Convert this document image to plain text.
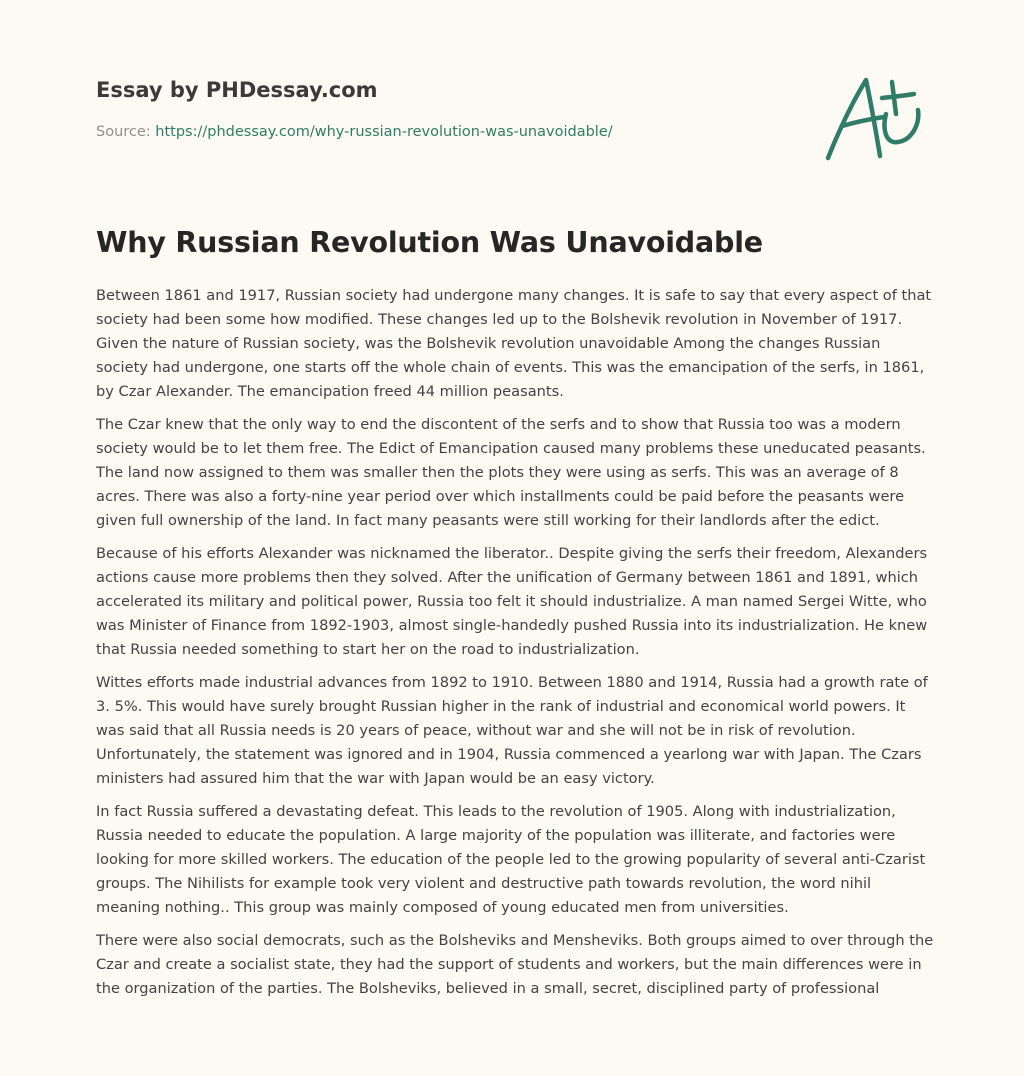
Essay by PHDessay.com
Source: https://phdessay.com/why-russian-revolution-was-unavoidable/
Why Russian Revolution Was Unavoidable

Between 1861 and 1917, Russian society had undergone many changes. It is safe to say that every aspect of that society had been some how modified. These changes led up to the Bolshevik revolution in November of 1917. Given the nature of Russian society, was the Bolshevik revolution unavoidable Among the changes Russian society had undergone, one starts off the whole chain of events. This was the emancipation of the serfs, in 1861, by Czar Alexander. The emancipation freed 44 million peasants.

The Czar knew that the only way to end the discontent of the serfs and to show that Russia too was a modern society would be to let them free. The Edict of Emancipation caused many problems these uneducated peasants. The land now assigned to them was smaller then the plots they were using as serfs. This was an average of 8 acres. There was also a forty-nine year period over which installments could be paid before the peasants were given full ownership of the land. In fact many peasants were still working for their landlords after the edict.

Because of his efforts Alexander was nicknamed the liberator.. Despite giving the serfs their freedom, Alexanders actions cause more problems then they solved. After the unification of Germany between 1861 and 1891, which accelerated its military and political power, Russia too felt it should industrialize. A man named Sergei Witte, who was Minister of Finance from 1892-1903, almost single-handedly pushed Russia into its industrialization. He knew that Russia needed something to start her on the road to industrialization.

Wittes efforts made industrial advances from 1892 to 1910. Between 1880 and 1914, Russia had a growth rate of 3. 5%. This would have surely brought Russian higher in the rank of industrial and economical world powers. It was said that all Russia needs is 20 years of peace, without war and she will not be in risk of revolution. Unfortunately, the statement was ignored and in 1904, Russia commenced a yearlong war with Japan. The Czars ministers had assured him that the war with Japan would be an easy victory.

In fact Russia suffered a devastating defeat. This leads to the revolution of 1905. Along with industrialization, Russia needed to educate the population. A large majority of the population was illiterate, and factories were looking for more skilled workers. The education of the people led to the growing popularity of several anti-Czarist groups. The Nihilists for example took very violent and destructive path towards revolution, the word nihil meaning nothing.. This group was mainly composed of young educated men from universities.

There were also social democrats, such as the Bolsheviks and Mensheviks. Both groups aimed to over through the Czar and create a socialist state, they had the support of students and workers, but the main differences were in the organization of the parties. The Bolsheviks, believed in a small, secret, disciplined party of professional
